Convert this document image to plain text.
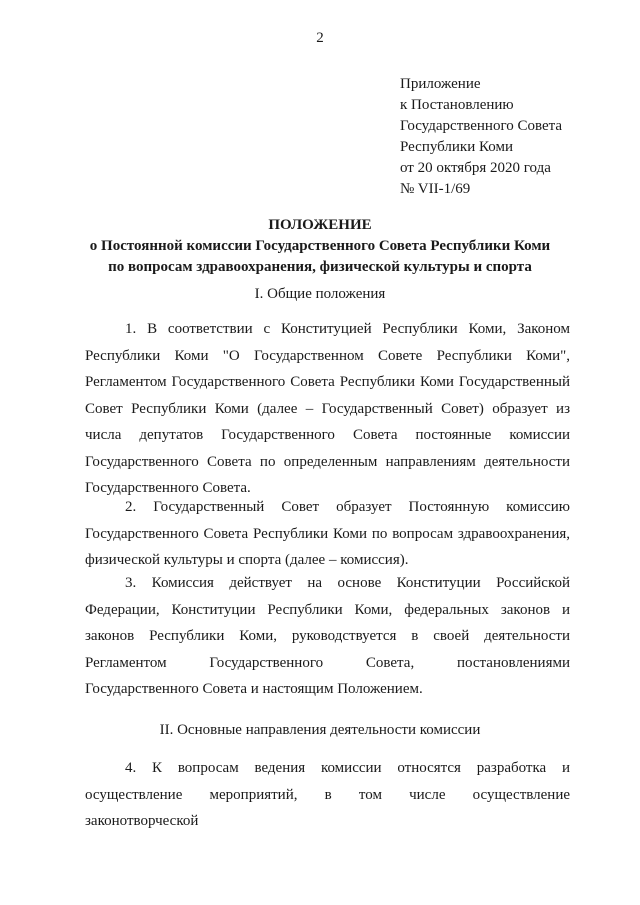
2
Приложение
к Постановлению
Государственного Совета
Республики Коми
от 20 октября 2020 года
№ VII-1/69
ПОЛОЖЕНИЕ
о Постоянной комиссии Государственного Совета Республики Коми
по вопросам здравоохранения, физической культуры и спорта
I. Общие положения
1. В соответствии с Конституцией Республики Коми, Законом Республики Коми "О Государственном Совете Республики Коми", Регламентом Государственного Совета Республики Коми Государственный Совет Республики Коми (далее – Государственный Совет) образует из числа депутатов Государственного Совета постоянные комиссии Государственного Совета по определенным направлениям деятельности Государственного Совета.
2. Государственный Совет образует Постоянную комиссию Государственного Совета Республики Коми по вопросам здравоохранения, физической культуры и спорта (далее – комиссия).
3. Комиссия действует на основе Конституции Российской Федерации, Конституции Республики Коми, федеральных законов и законов Республики Коми, руководствуется в своей деятельности Регламентом Государственного Совета, постановлениями Государственного Совета и настоящим Положением.
II. Основные направления деятельности комиссии
4. К вопросам ведения комиссии относятся разработка и осуществление мероприятий, в том числе осуществление законотворческой
